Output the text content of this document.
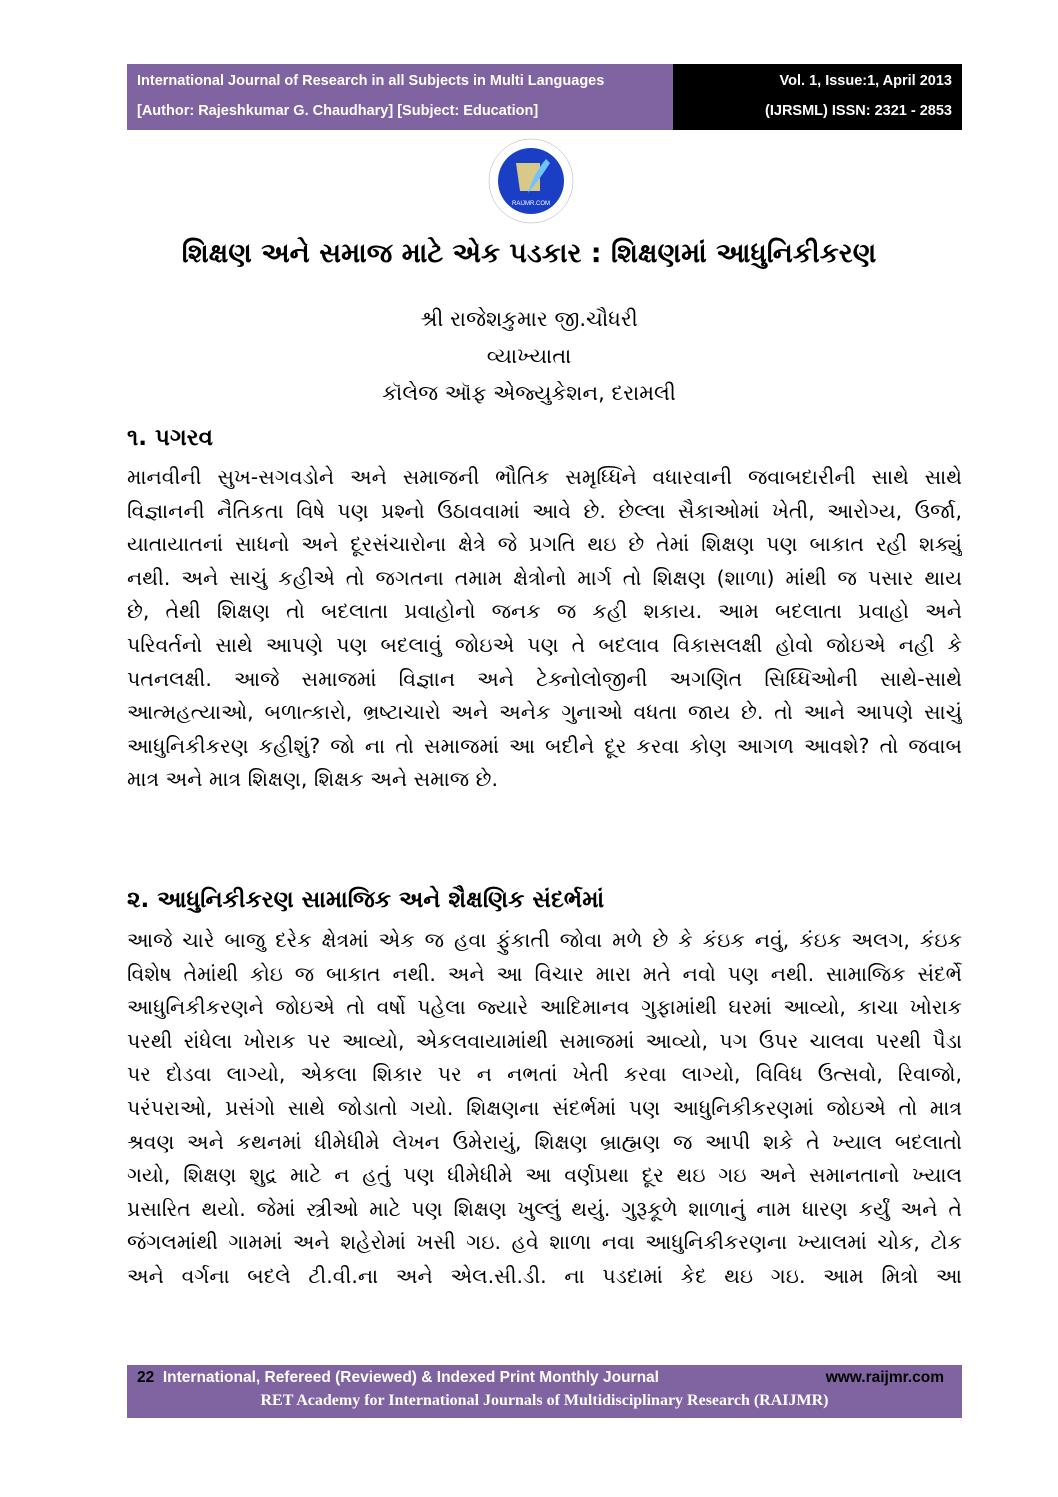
International Journal of Research in all Subjects in Multi Languages
[Author: Rajeshkumar G. Chaudhary] [Subject: Education]
Vol. 1, Issue:1, April 2013
(IJRSML) ISSN: 2321 - 2853
RAIJMR.COM
શિક્ષણ અને સમાજ માટે એક પડકાર : શિક્ષણમાં આધુનિકીકરણ
શ્રી રાજેશકુમાર જી.ચૌધરી
વ્યાખ્યાતા
કૉલેજ ઑફ એજ્યુકેશન, દરામલી
૧. પગરવ
માનવીની સુખ-સગવડોને અને સમાજની ભૌતિક સમૃધ્ધિને વધારવાની જવાબદારીની સાથે સાથે
વિજ્ઞાનની નૈતિકતા વિષે પણ પ્રશ્નો ઉઠાવવામાં આવે છે. છેલ્લા સૈકાઓમાં ખેતી, આરોગ્ય, ઉર્જા,
યાતાયાતનાં સાધનો અને દૂરસંચારોના ક્ષેત્રે જે પ્રગતિ થઇ છે તેમાં શિક્ષણ પણ બાકાત રહી શક્યું
નથી. અને સાચું કહીએ તો જગતના તમામ ક્ષેત્રોનો માર્ગ તો શિક્ષણ (શાળા) માંથી જ પસાર થાય
છે, તેથી શિક્ષણ તો બદલાતા પ્રવાહોનો જનક જ કહી શકાય. આમ બદલાતા પ્રવાહો અને
પરિવર્તનો સાથે આપણે પણ બદલાવું જોઇએ પણ તે બદલાવ વિકાસલક્ષી હોવો જોઇએ નહી કે
પતનલક્ષી. આજે સમાજમાં વિજ્ઞાન અને ટેક્નોલોજીની અગણિત સિધ્ધિઓની સાથે-સાથે
આત્મહત્યાઓ, બળાત્કારો, ભ્રષ્ટાચારો અને અનેક ગુનાઓ વધતા જાય છે. તો આને આપણે સાચું
આધુનિકીકરણ કહીશું? જો ના તો સમાજમાં આ બદીને દૂર કરવા કોણ આગળ આવશે? તો જવાબ
માત્ર અને માત્ર શિક્ષણ, શિક્ષક અને સમાજ છે.
૨. આધુનિકીકરણ સામાજિક અને શૈક્ષણિક સંદર્ભમાં
આજે ચારે બાજુ દરેક ક્ષેત્રમાં એક જ હવા ફુંકાતી જોવા મળે છે કે કંઇક નવું, કંઇક અલગ, કંઇક
વિશેષ તેમાંથી કોઇ જ બાકાત નથી. અને આ વિચાર મારા મતે નવો પણ નથી. સામાજિક સંદર્ભે
આધુનિકીકરણને જોઇએ તો વર્ષો પહેલા જ્યારે આદિમાનવ ગુફામાંથી ઘરમાં આવ્યો, કાચા ખોરાક
પરથી રાંધેલા ખોરાક પર આવ્યો, એકલવાયામાંથી સમાજમાં આવ્યો, પગ ઉપર ચાલવા પરથી પૈડા
પર દોડવા લાગ્યો, એકલા શિકાર પર ન નભતાં ખેતી કરવા લાગ્યો, વિવિધ ઉત્સવો, રિવાજો,
પરંપરાઓ, પ્રસંગો સાથે જોડાતો ગયો. શિક્ષણના સંદર્ભમાં પણ આધુનિકીકરણમાં જોઇએ તો માત્ર
શ્રવણ અને કથનમાં ધીમેધીમે લેખન ઉમેરાયું, શિક્ષણ બ્રાહ્મણ જ આપી શકે તે ખ્યાલ બદલાતો
ગયો, શિક્ષણ શુદ્ર માટે ન હતું પણ ધીમેધીમે આ વર્ણપ્રથા દૂર થઇ ગઇ અને સમાનતાનો ખ્યાલ
પ્રસારિત થયો. જેમાં સ્ત્રીઓ માટે પણ શિક્ષણ ખુલ્લું થયું. ગુરૂકૂળે શાળાનું નામ ધારણ કર્યું અને તે
જંગલમાંથી ગામમાં અને શહેરોમાં ખસી ગઇ. હવે શાળા નવા આધુનિકીકરણના ખ્યાલમાં ચોક, ટોક
અને વર્ગના બદલે ટી.વી.ના અને એલ.સી.ડી. ના પડદામાં કેદ થઇ ગઇ. આમ મિત્રો આ
22 International, Refereed (Reviewed) & Indexed Print Monthly Journal	www.raijmr.com
RET Academy for International Journals of Multidisciplinary Research (RAIJMR)
